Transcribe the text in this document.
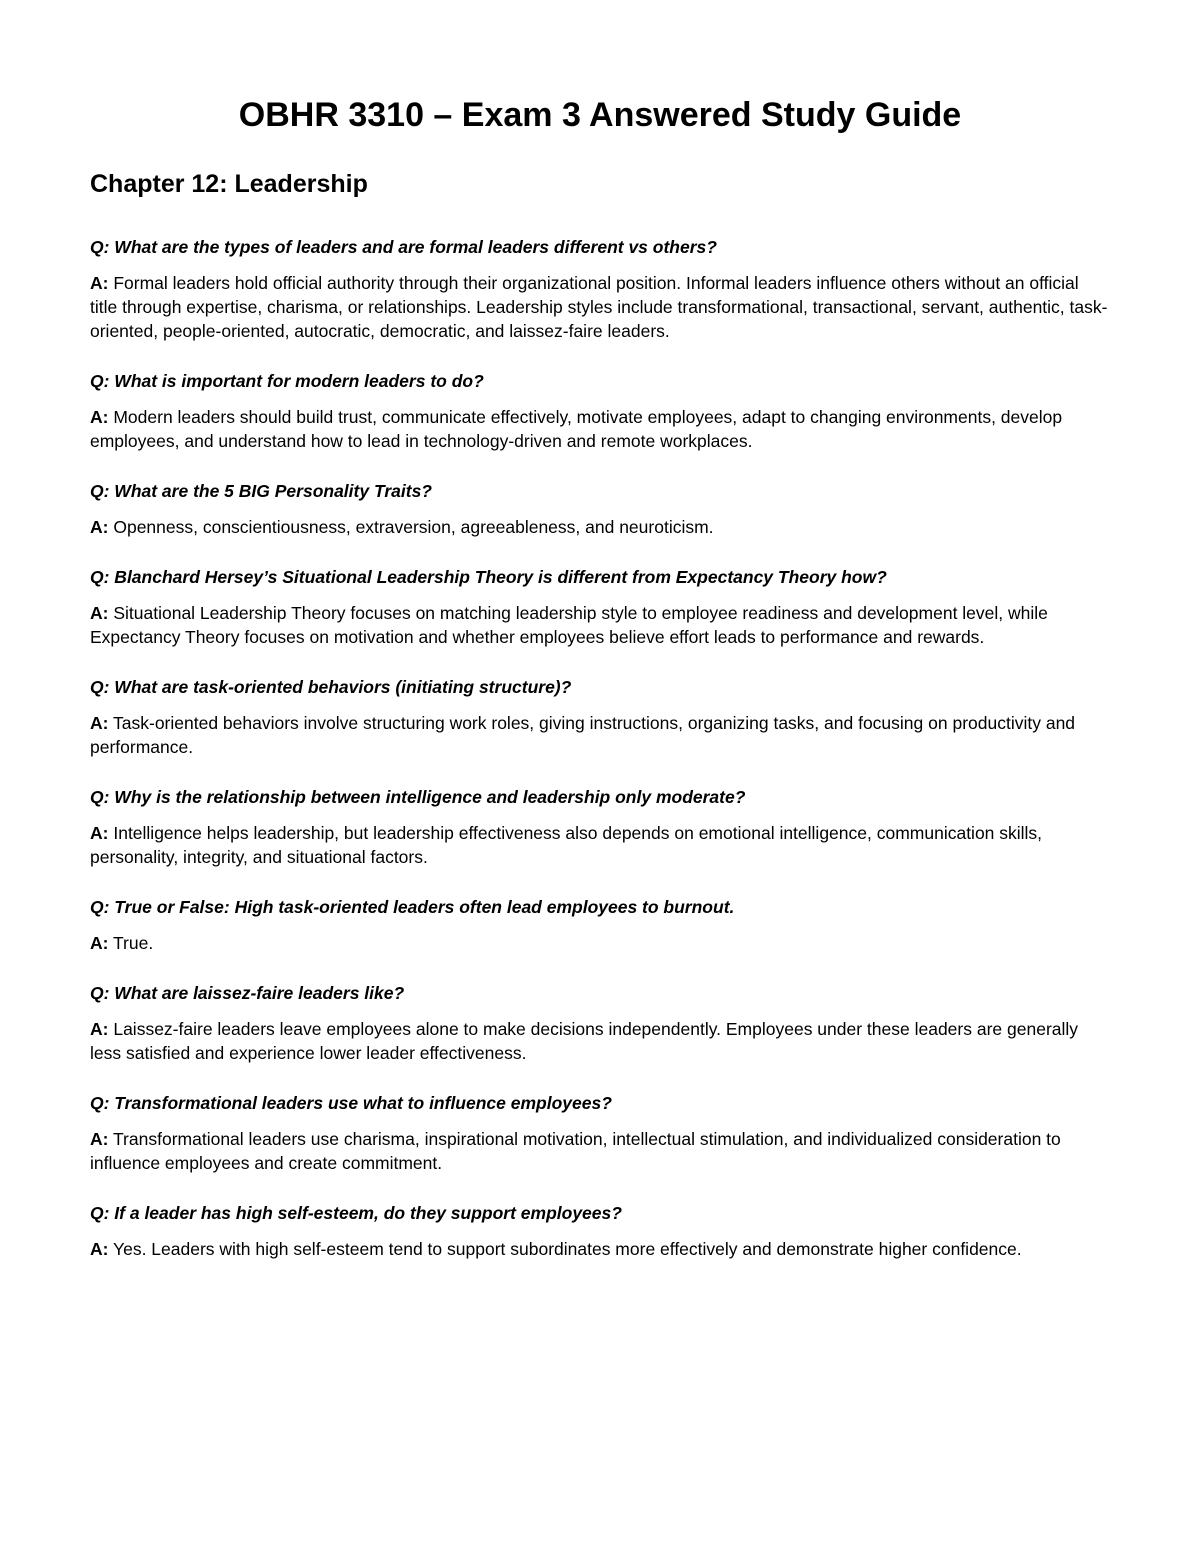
OBHR 3310 – Exam 3 Answered Study Guide
Chapter 12: Leadership

Q: What are the types of leaders and are formal leaders different vs others?

A: Formal leaders hold official authority through their organizational position. Informal leaders influence others without an official title through expertise, charisma, or relationships. Leadership styles include transformational, transactional, servant, authentic, task-oriented, people-oriented, autocratic, democratic, and laissez-faire leaders.

Q: What is important for modern leaders to do?

A: Modern leaders should build trust, communicate effectively, motivate employees, adapt to changing environments, develop employees, and understand how to lead in technology-driven and remote workplaces.

Q: What are the 5 BIG Personality Traits?

A: Openness, conscientiousness, extraversion, agreeableness, and neuroticism.

Q: Blanchard Hersey’s Situational Leadership Theory is different from Expectancy Theory how?

A: Situational Leadership Theory focuses on matching leadership style to employee readiness and development level, while Expectancy Theory focuses on motivation and whether employees believe effort leads to performance and rewards.

Q: What are task-oriented behaviors (initiating structure)?

A: Task-oriented behaviors involve structuring work roles, giving instructions, organizing tasks, and focusing on productivity and performance.

Q: Why is the relationship between intelligence and leadership only moderate?

A: Intelligence helps leadership, but leadership effectiveness also depends on emotional intelligence, communication skills, personality, integrity, and situational factors.

Q: True or False: High task-oriented leaders often lead employees to burnout.

A: True.

Q: What are laissez-faire leaders like?

A: Laissez-faire leaders leave employees alone to make decisions independently. Employees under these leaders are generally less satisfied and experience lower leader effectiveness.

Q: Transformational leaders use what to influence employees?

A: Transformational leaders use charisma, inspirational motivation, intellectual stimulation, and individualized consideration to influence employees and create commitment.

Q: If a leader has high self-esteem, do they support employees?

A: Yes. Leaders with high self-esteem tend to support subordinates more effectively and demonstrate higher confidence.
